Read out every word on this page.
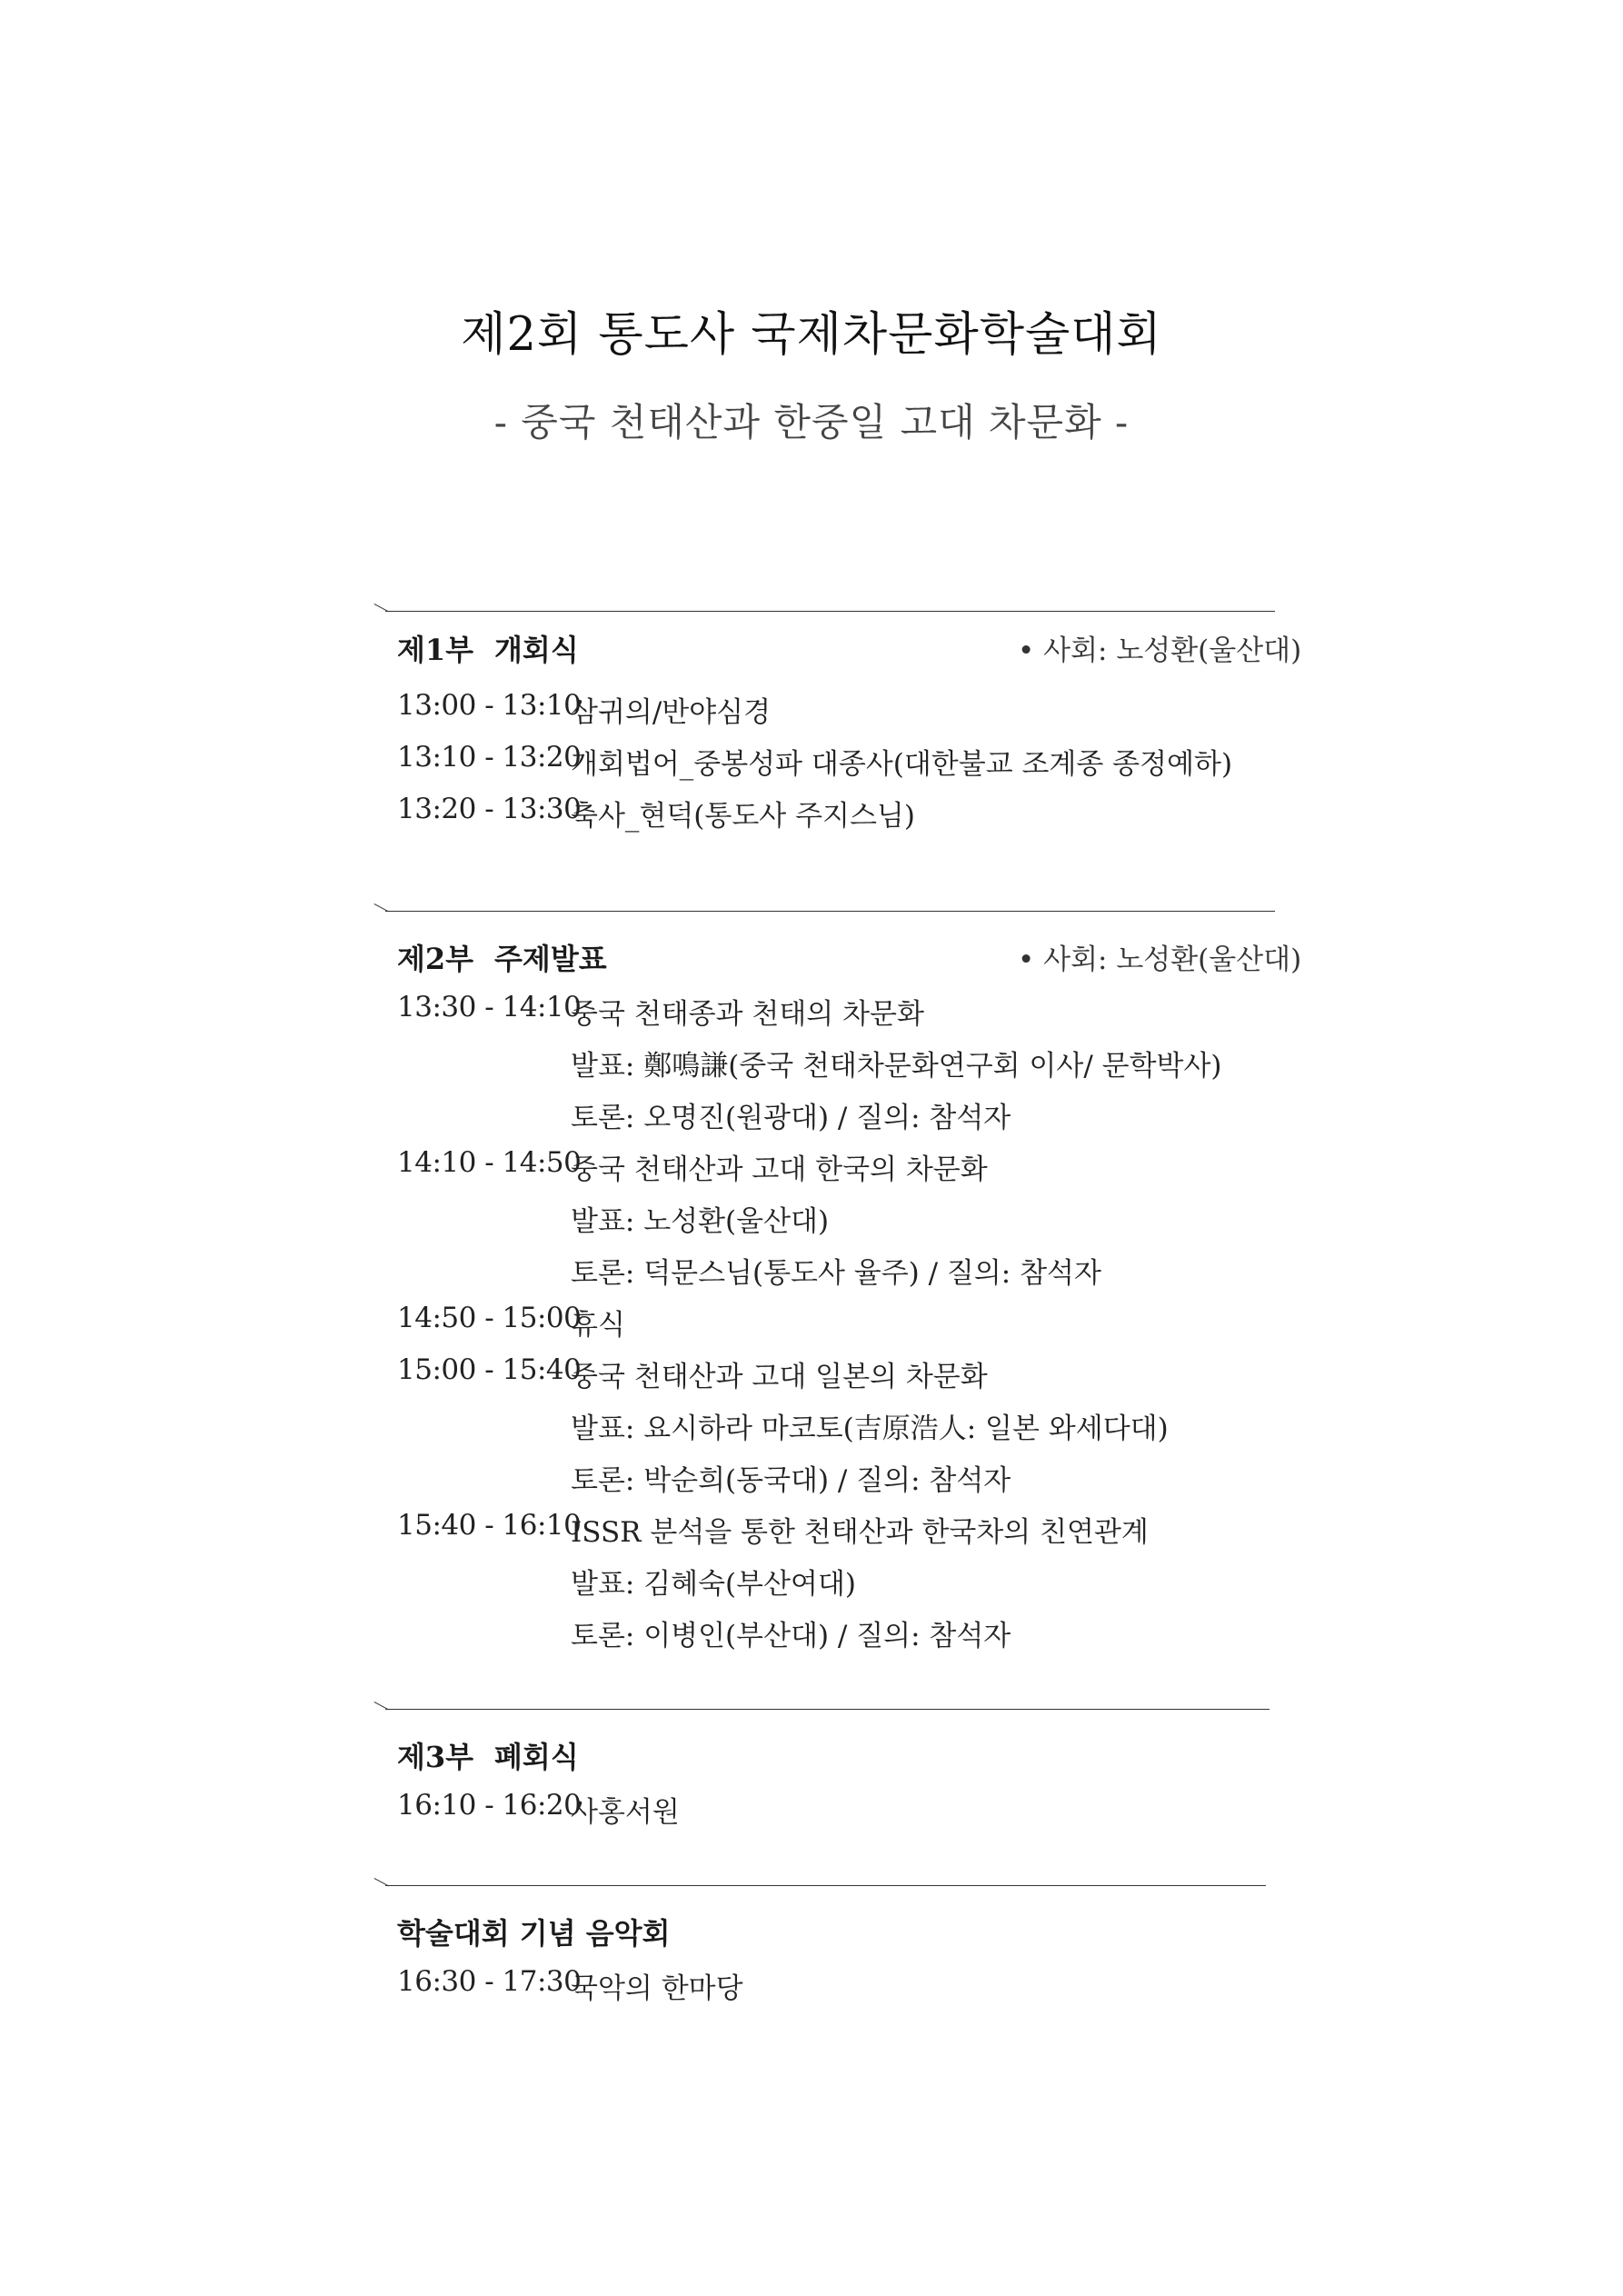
제2회 통도사 국제차문화학술대회
- 중국 천태산과 한중일 고대 차문화 -
제1부 개회식	• 사회: 노성환(울산대)
13:00 - 13:10
삼귀의/반야심경
13:10 - 13:20
개회법어_중봉성파 대종사(대한불교 조계종 종정예하)
13:20 - 13:30
축사_현덕(통도사 주지스님)
제2부 주제발표	• 사회: 노성환(울산대)
13:30 - 14:10
중국 천태종과 천태의 차문화
발표: 鄭鳴謙(중국 천태차문화연구회 이사/ 문학박사)
토론: 오명진(원광대) / 질의: 참석자
14:10 - 14:50
중국 천태산과 고대 한국의 차문화
발표: 노성환(울산대)
토론: 덕문스님(통도사 율주) / 질의: 참석자
14:50 - 15:00
휴식
15:00 - 15:40
중국 천태산과 고대 일본의 차문화
발표: 요시하라 마코토(吉原浩人: 일본 와세다대)
토론: 박순희(동국대) / 질의: 참석자
15:40 - 16:10
ISSR 분석을 통한 천태산과 한국차의 친연관계
발표: 김혜숙(부산여대)
토론: 이병인(부산대) / 질의: 참석자
제3부 폐회식
16:10 - 16:20
사홍서원
학술대회 기념 음악회
16:30 - 17:30
국악의 한마당
